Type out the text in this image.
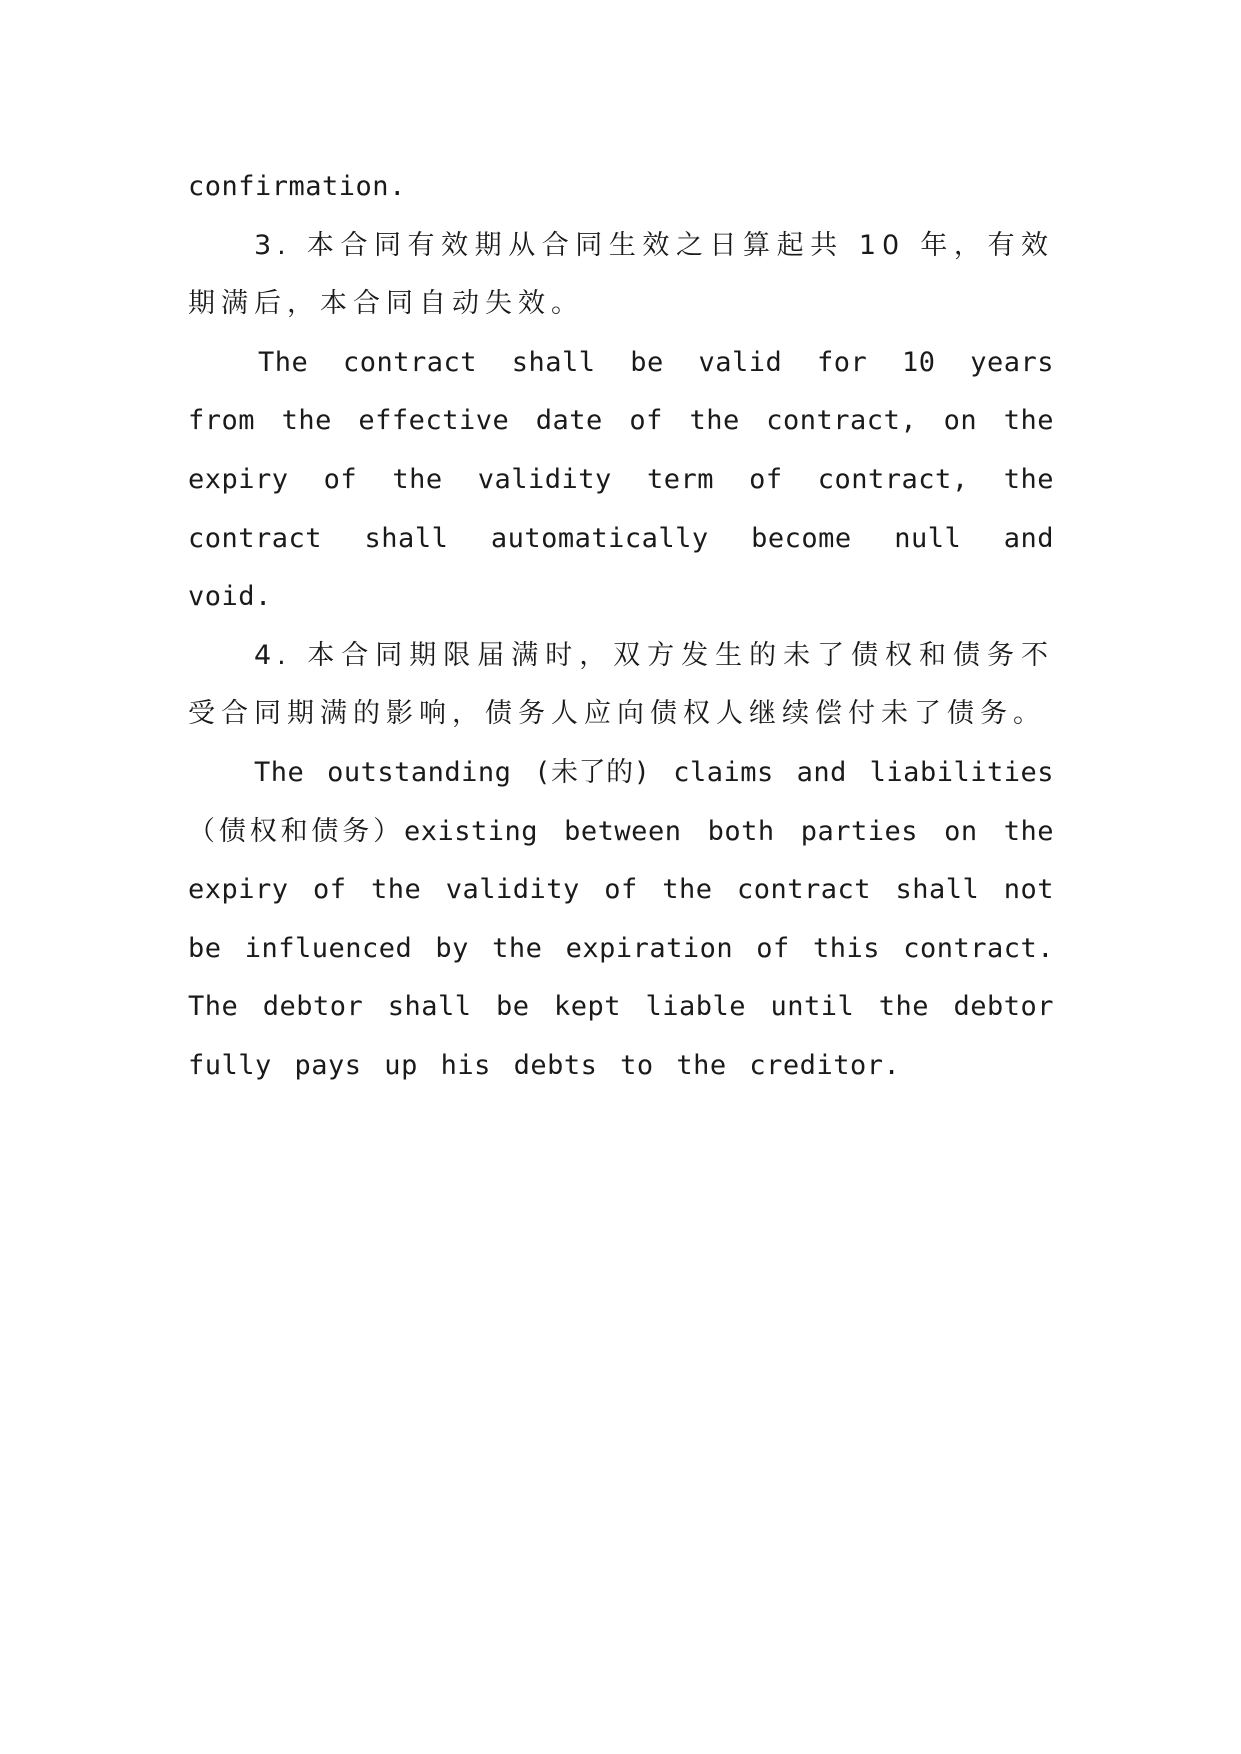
confirmation.

3. 本合同有效期从合同生效之日算起共 10 年，有效期满后，本合同自动失效。

The contract shall be valid for 10 years from the effective date of the contract, on the expiry of the validity term of contract, the contract shall automatically become null and void.

4. 本合同期限届满时，双方发生的未了债权和债务不受合同期满的影响，债务人应向债权人继续偿付未了债务。

The outstanding (未了的) claims and liabilities （债权和债务）existing between both parties on the expiry of the validity of the contract shall not be influenced by the expiration of this contract. The debtor shall be kept liable until the debtor fully pays up his debts to the creditor.
